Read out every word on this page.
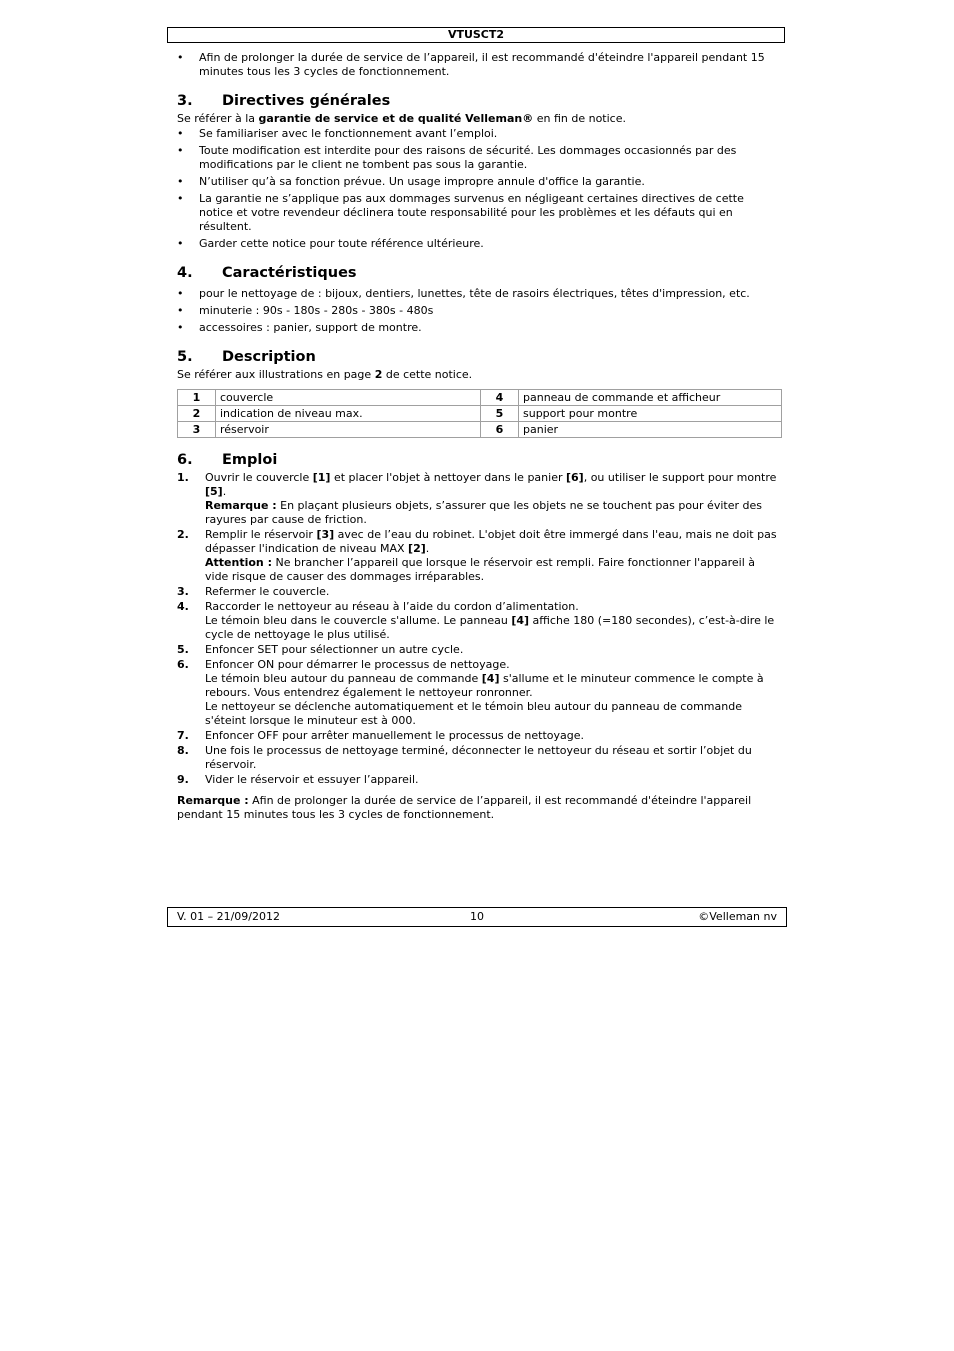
VTUSCT2
•	Afin de prolonger la durée de service de l’appareil, il est recommandé d'éteindre l'appareil pendant 15 minutes tous les 3 cycles de fonctionnement.
3. Directives générales
Se référer à la garantie de service et de qualité Velleman® en fin de notice.
•	Se familiariser avec le fonctionnement avant l’emploi.
•	Toute modification est interdite pour des raisons de sécurité. Les dommages occasionnés par des modifications par le client ne tombent pas sous la garantie.
•	N’utiliser qu’à sa fonction prévue. Un usage impropre annule d'office la garantie.
•	La garantie ne s’applique pas aux dommages survenus en négligeant certaines directives de cette notice et votre revendeur déclinera toute responsabilité pour les problèmes et les défauts qui en résultent.
•	Garder cette notice pour toute référence ultérieure.
4. Caractéristiques
•	pour le nettoyage de : bijoux, dentiers, lunettes, tête de rasoirs électriques, têtes d'impression, etc.
•	minuterie : 90s - 180s - 280s - 380s - 480s
•	accessoires : panier, support de montre.
5. Description
Se référer aux illustrations en page 2 de cette notice.
1	couvercle	4	panneau de commande et afficheur
2	indication de niveau max.	5	support pour montre
3	réservoir	6	panier
6. Emploi
1. Ouvrir le couvercle [1] et placer l'objet à nettoyer dans le panier [6], ou utiliser le support pour montre [5].
Remarque : En plaçant plusieurs objets, s’assurer que les objets ne se touchent pas pour éviter des rayures par cause de friction.
2. Remplir le réservoir [3] avec de l’eau du robinet. L'objet doit être immergé dans l'eau, mais ne doit pas dépasser l'indication de niveau MAX [2].
Attention : Ne brancher l’appareil que lorsque le réservoir est rempli. Faire fonctionner l'appareil à vide risque de causer des dommages irréparables.
3. Refermer le couvercle.
4. Raccorder le nettoyeur au réseau à l’aide du cordon d’alimentation.
Le témoin bleu dans le couvercle s'allume. Le panneau [4] affiche 180 (=180 secondes), c’est-à-dire le cycle de nettoyage le plus utilisé.
5. Enfoncer SET pour sélectionner un autre cycle.
6. Enfoncer ON pour démarrer le processus de nettoyage.
Le témoin bleu autour du panneau de commande [4] s'allume et le minuteur commence le compte à rebours. Vous entendrez également le nettoyeur ronronner.
Le nettoyeur se déclenche automatiquement et le témoin bleu autour du panneau de commande s'éteint lorsque le minuteur est à 000.
7. Enfoncer OFF pour arrêter manuellement le processus de nettoyage.
8. Une fois le processus de nettoyage terminé, déconnecter le nettoyeur du réseau et sortir l’objet du réservoir.
9. Vider le réservoir et essuyer l’appareil.
Remarque : Afin de prolonger la durée de service de l’appareil, il est recommandé d'éteindre l'appareil pendant 15 minutes tous les 3 cycles de fonctionnement.
V. 01 – 21/09/2012	10	©Velleman nv
